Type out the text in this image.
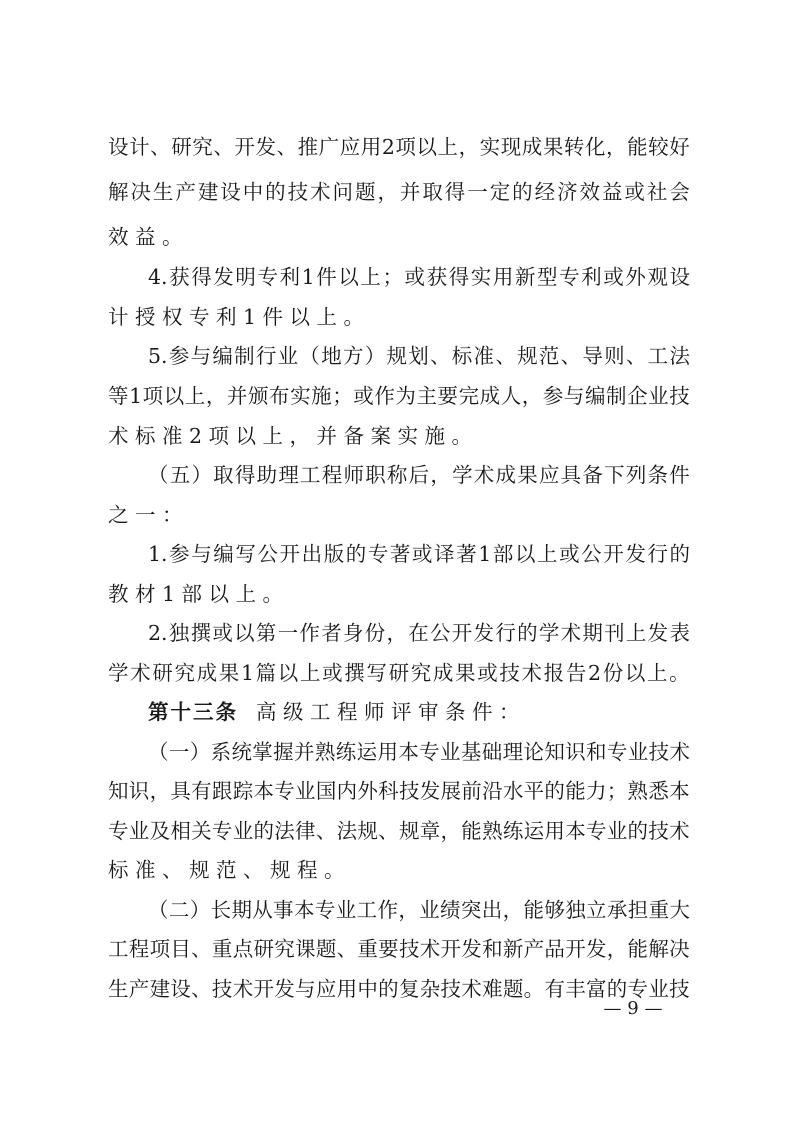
设 计 、 研 究 、 开 发 、 推 广 应 用 2 项 以 上 ， 实 现 成 果 转 化 ， 能 较 好
解 决 生 产 建 设 中 的 技 术 问 题 ， 并 取 得 一 定 的 经 济 效 益 或 社 会
效益。
4. 获 得 发 明 专 利 1 件 以 上 ； 或 获 得 实 用 新 型 专 利 或 外 观 设
计授权专利1件以上。
5. 参 与 编 制 行 业 （ 地 方 ） 规 划 、 标 准 、 规 范 、 导 则 、 工 法
等 1 项 以 上 ， 并 颁 布 实 施 ； 或 作 为 主 要 完 成 人 ， 参 与 编 制 企 业 技
术标准2项以上，并备案实施。
（ 五 ） 取 得 助 理 工 程 师 职 称 后 ， 学 术 成 果 应 具 备 下 列 条 件
之一：
1. 参 与 编 写 公 开 出 版 的 专 著 或 译 著 1 部 以 上 或 公 开 发 行 的
教材1部以上。
2. 独 撰 或 以 第 一 作 者 身 份 ， 在 公 开 发 行 的 学 术 期 刊 上 发 表
学 术 研 究 成 果 1 篇 以 上 或 撰 写 研 究 成 果 或 技 术 报 告 2 份 以 上 。
第十三条 高级工程师评审条件：
（ 一 ） 系 统 掌 握 并 熟 练 运 用 本 专 业 基 础 理 论 知 识 和 专 业 技 术
知 识 ， 具 有 跟 踪 本 专 业 国 内 外 科 技 发 展 前 沿 水 平 的 能 力 ； 熟 悉 本
专 业 及 相 关 专 业 的 法 律 、 法 规 、 规 章 ， 能 熟 练 运 用 本 专 业 的 技 术
标准、规范、规程。
（ 二 ） 长 期 从 事 本 专 业 工 作 ， 业 绩 突 出 ， 能 够 独 立 承 担 重 大
工 程 项 目 、 重 点 研 究 课 题 、 重 要 技 术 开 发 和 新 产 品 开 发 ， 能 解 决
生 产 建 设 、 技 术 开 发 与 应 用 中 的 复 杂 技 术 难 题 。 有 丰 富 的 专 业 技
— 9 —
